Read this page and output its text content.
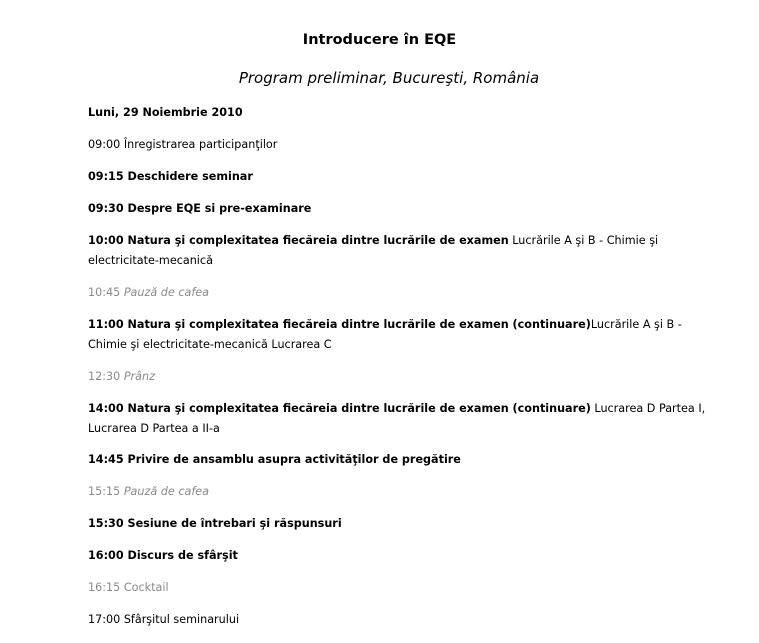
Introducere în EQE
Program preliminar, Bucureşti, România
Luni, 29 Noiembrie 2010
09:00 Înregistrarea participanţilor
09:15 Deschidere seminar
09:30 Despre EQE si pre-examinare
10:00 Natura şi complexitatea fiecăreia dintre lucrările de examen Lucrările A şi B - Chimie şi electricitate-mecanică
10:45 Pauză de cafea
11:00 Natura şi complexitatea fiecăreia dintre lucrările de examen (continuare)Lucrările A şi B - Chimie şi electricitate-mecanică Lucrarea C
12:30 Prânz
14:00 Natura şi complexitatea fiecăreia dintre lucrările de examen (continuare) Lucrarea D Partea I, Lucrarea D Partea a II-a
14:45 Privire de ansamblu asupra activităţilor de pregătire
15:15 Pauză de cafea
15:30 Sesiune de întrebari şi răspunsuri
16:00 Discurs de sfârşit
16:15 Cocktail
17:00 Sfârşitul seminarului
